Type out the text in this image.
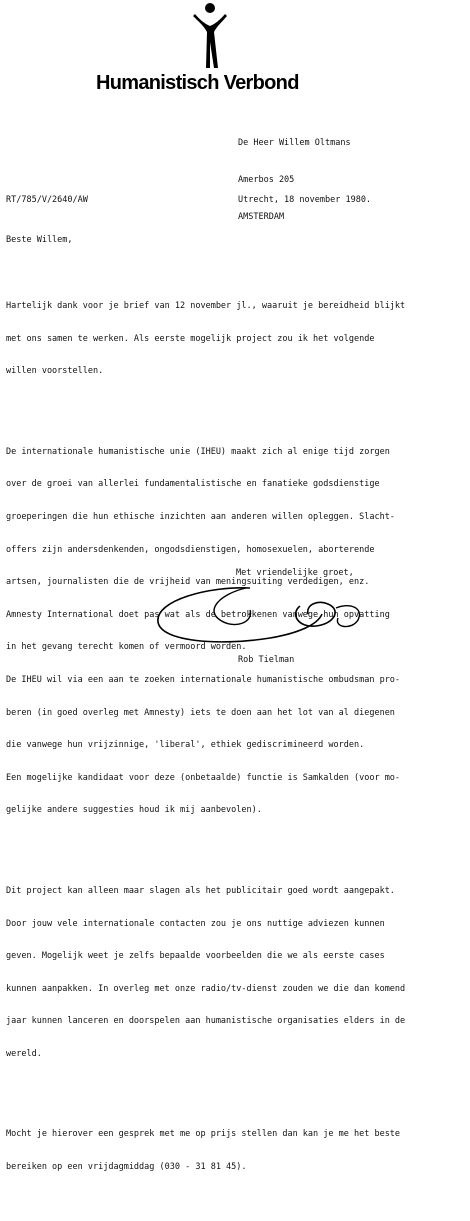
Humanistisch Verbond

De Heer Willem Oltmans

Amerbos 205

AMSTERDAM

RT/785/V/2640/AW	Utrecht, 18 november 1980.
Beste Willem,

Hartelijk dank voor je brief van 12 november jl., waaruit je bereidheid blijkt

met ons samen te werken. Als eerste mogelijk project zou ik het volgende

willen voorstellen.

De internationale humanistische unie (IHEU) maakt zich al enige tijd zorgen

over de groei van allerlei fundamentalistische en fanatieke godsdienstige

groeperingen die hun ethische inzichten aan anderen willen opleggen. Slacht-

offers zijn andersdenkenden, ongodsdienstigen, homosexuelen, aborterende

artsen, journalisten die de vrijheid van meningsuiting verdedigen, enz.

Amnesty International doet pas wat als de betrokkenen vanwege hun opvatting

in het gevang terecht komen of vermoord worden.

De IHEU wil via een aan te zoeken internationale humanistische ombudsman pro-

beren (in goed overleg met Amnesty) iets te doen aan het lot van al diegenen

die vanwege hun vrijzinnige, 'liberal', ethiek gediscrimineerd worden.

Een mogelijke kandidaat voor deze (onbetaalde) functie is Samkalden (voor mo-

gelijke andere suggesties houd ik mij aanbevolen).

Dit project kan alleen maar slagen als het publicitair goed wordt aangepakt.

Door jouw vele internationale contacten zou je ons nuttige adviezen kunnen

geven. Mogelijk weet je zelfs bepaalde voorbeelden die we als eerste cases

kunnen aanpakken. In overleg met onze radio/tv-dienst zouden we die dan komend

jaar kunnen lanceren en doorspelen aan humanistische organisaties elders in de

wereld.

Mocht je hierover een gesprek met me op prijs stellen dan kan je me het beste

bereiken op een vrijdagmiddag (030 - 31 81 45).

Met vriendelijke groet,
Rob Tielman
